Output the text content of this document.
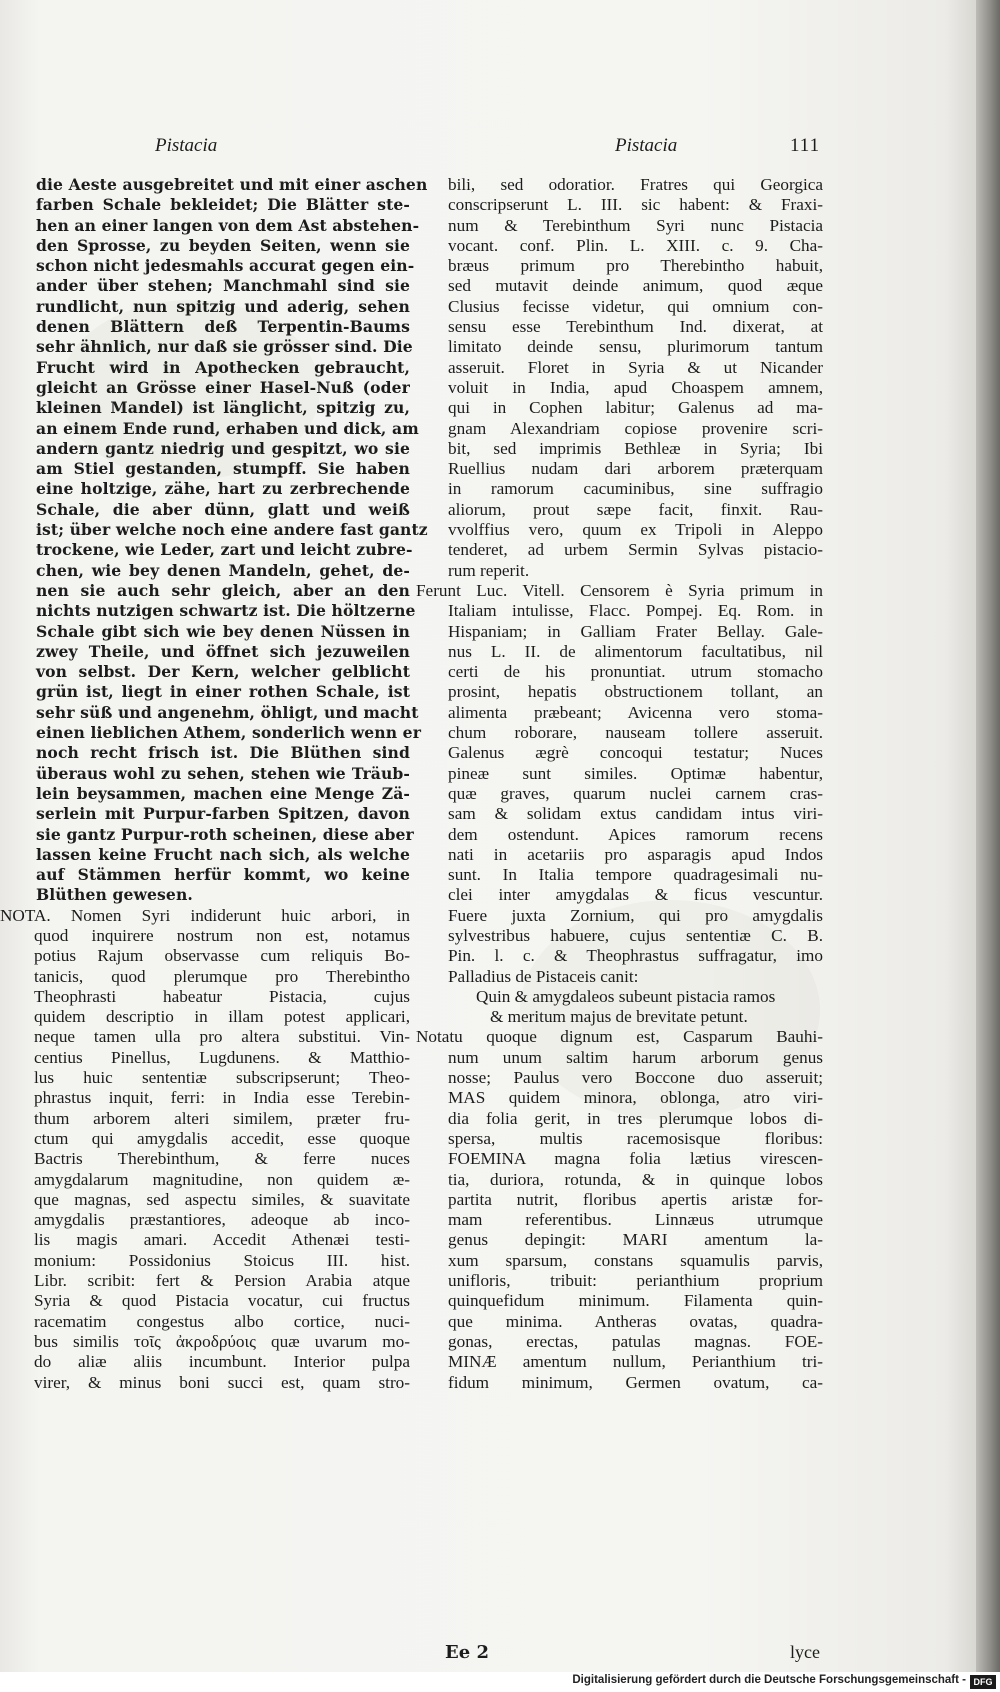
Pistacia	Pistacia	111
die Aeste ausgebreitet und mit einer aschen
farben Schale bekleidet; Die Blätter ste-
hen an einer langen von dem Ast abstehen-
den Sprosse, zu beyden Seiten, wenn sie
schon nicht jedesmahls accurat gegen ein-
ander über stehen; Manchmahl sind sie
rundlicht, nun spitzig und aderig, sehen
denen Blättern deß Terpentin-Baums
sehr ähnlich, nur daß sie grösser sind. Die
Frucht wird in Apothecken gebraucht,
gleicht an Grösse einer Hasel-Nuß (oder
kleinen Mandel) ist länglicht, spitzig zu,
an einem Ende rund, erhaben und dick, am
andern gantz niedrig und gespitzt, wo sie
am Stiel gestanden, stumpff. Sie haben
eine holtzige, zähe, hart zu zerbrechende
Schale, die aber dünn, glatt und weiß
ist; über welche noch eine andere fast gantz
trockene, wie Leder, zart und leicht zubre-
chen, wie bey denen Mandeln, gehet, de-
nen sie auch sehr gleich, aber an den
nichts nutzigen schwartz ist. Die höltzerne
Schale gibt sich wie bey denen Nüssen in
zwey Theile, und öffnet sich jezuweilen
von selbst. Der Kern, welcher gelblicht
grün ist, liegt in einer rothen Schale, ist
sehr süß und angenehm, öhligt, und macht
einen lieblichen Athem, sonderlich wenn er
noch recht frisch ist. Die Blüthen sind
überaus wohl zu sehen, stehen wie Träub-
lein beysammen, machen eine Menge Zä-
serlein mit Purpur-farben Spitzen, davon
sie gantz Purpur-roth scheinen, diese aber
lassen keine Frucht nach sich, als welche
auf Stämmen herfür kommt, wo keine
Blüthen gewesen.
NOTA. Nomen Syri indiderunt huic arbori, in
quod inquirere nostrum non est, notamus
potius Rajum observasse cum reliquis Bo-
tanicis, quod plerumque pro Therebintho
Theophrasti habeatur Pistacia, cujus
quidem descriptio in illam potest applicari,
neque tamen ulla pro altera substitui. Vin-
centius Pinellus, Lugdunens. & Matthio-
lus huic sententiæ subscripserunt; Theo-
phrastus inquit, ferri: in India esse Terebin-
thum arborem alteri similem, præter fru-
ctum qui amygdalis accedit, esse quoque
Bactris Therebinthum, & ferre nuces
amygdalarum magnitudine, non quidem æ-
que magnas, sed aspectu similes, & suavitate
amygdalis præstantiores, adeoque ab inco-
lis magis amari. Accedit Athenæi testi-
monium: Possidonius Stoicus III. hist.
Libr. scribit: fert & Persion Arabia atque
Syria & quod Pistacia vocatur, cui fructus
racematim congestus albo cortice, nuci-
bus similis τοῖς ἀκροδρύοις quæ uvarum mo-
do aliæ aliis incumbunt. Interior pulpa
virer, & minus boni succi est, quam stro-
bili, sed odoratior. Fratres qui Georgica
conscripserunt L. III. sic habent: & Fraxi-
num & Terebinthum Syri nunc Pistacia
vocant. conf. Plin. L. XIII. c. 9. Cha-
bræus primum pro Therebintho habuit,
sed mutavit deinde animum, quod æque
Clusius fecisse videtur, qui omnium con-
sensu esse Terebinthum Ind. dixerat, at
limitato deinde sensu, plurimorum tantum
asseruit. Floret in Syria & ut Nicander
voluit in India, apud Choaspem amnem,
qui in Cophen labitur; Galenus ad ma-
gnam Alexandriam copiose provenire scri-
bit, sed imprimis Bethleæ in Syria; Ibi
Ruellius nudam dari arborem præterquam
in ramorum cacuminibus, sine suffragio
aliorum, prout sæpe facit, finxit. Rau-
vvolffius vero, quum ex Tripoli in Aleppo
tenderet, ad urbem Sermin Sylvas pistacio-
rum reperit.
Ferunt Luc. Vitell. Censorem è Syria primum in
Italiam intulisse, Flacc. Pompej. Eq. Rom. in
Hispaniam; in Galliam Frater Bellay. Gale-
nus L. II. de alimentorum facultatibus, nil
certi de his pronuntiat. utrum stomacho
prosint, hepatis obstructionem tollant, an
alimenta præbeant; Avicenna vero stoma-
chum roborare, nauseam tollere asseruit.
Galenus ægrè concoqui testatur; Nuces
pineæ sunt similes. Optimæ habentur,
quæ graves, quarum nuclei carnem cras-
sam & solidam extus candidam intus viri-
dem ostendunt. Apices ramorum recens
nati in acetariis pro asparagis apud Indos
sunt. In Italia tempore quadragesimali nu-
clei inter amygdalas & ficus vescuntur.
Fuere juxta Zornium, qui pro amygdalis
sylvestribus habuere, cujus sententiæ C. B.
Pin. l. c. & Theophrastus suffragatur, imo
Palladius de Pistaceis canit:
Quin & amygdaleos subeunt pistacia ramos
& meritum majus de brevitate petunt.
Notatu quoque dignum est, Casparum Bauhi-
num unum saltim harum arborum genus
nosse; Paulus vero Boccone duo asseruit;
MAS quidem minora, oblonga, atro viri-
dia folia gerit, in tres plerumque lobos di-
spersa, multis racemosisque floribus:
FOEMINA magna folia lætius virescen-
tia, duriora, rotunda, & in quinque lobos
partita nutrit, floribus apertis aristæ for-
mam referentibus. Linnæus utrumque
genus depingit: MARI amentum la-
xum sparsum, constans squamulis parvis,
unifloris, tribuit: perianthium proprium
quinquefidum minimum. Filamenta quin-
que minima. Antheras ovatas, quadra-
gonas, erectas, patulas magnas. FOE-
MINÆ amentum nullum, Perianthium tri-
fidum minimum, Germen ovatum, ca-
Ee 2	lyce
Digitalisierung gefördert durch die Deutsche Forschungsgemeinschaft - DFG
